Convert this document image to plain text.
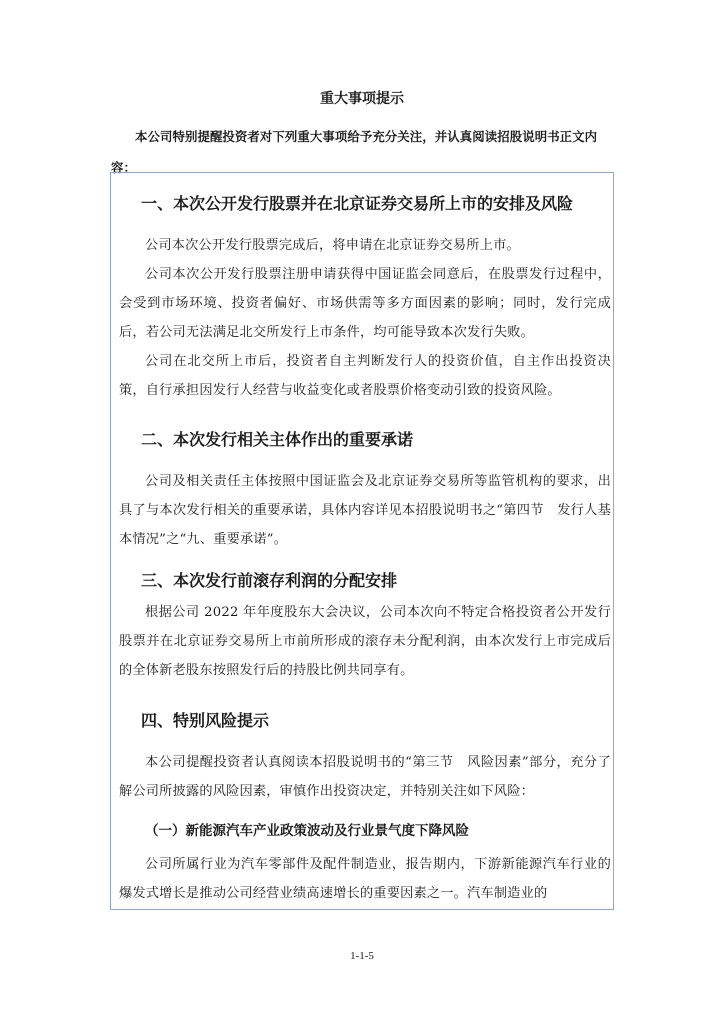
重大事项提示
本公司特别提醒投资者对下列重大事项给予充分关注，并认真阅读招股说明书正文内容：
一、本次公开发行股票并在北京证券交易所上市的安排及风险
公司本次公开发行股票完成后，将申请在北京证券交易所上市。
公司本次公开发行股票注册申请获得中国证监会同意后，在股票发行过程中，会受到市场环境、投资者偏好、市场供需等多方面因素的影响；同时，发行完成后，若公司无法满足北交所发行上市条件，均可能导致本次发行失败。
公司在北交所上市后，投资者自主判断发行人的投资价值，自主作出投资决策，自行承担因发行人经营与收益变化或者股票价格变动引致的投资风险。
二、本次发行相关主体作出的重要承诺
公司及相关责任主体按照中国证监会及北京证券交易所等监管机构的要求，出具了与本次发行相关的重要承诺，具体内容详见本招股说明书之“第四节　发行人基本情况”之“九、重要承诺”。
三、本次发行前滚存利润的分配安排
根据公司 2022 年年度股东大会决议，公司本次向不特定合格投资者公开发行股票并在北京证券交易所上市前所形成的滚存未分配利润，由本次发行上市完成后的全体新老股东按照发行后的持股比例共同享有。
四、特别风险提示
本公司提醒投资者认真阅读本招股说明书的“第三节　风险因素”部分，充分了解公司所披露的风险因素，审慎作出投资决定，并特别关注如下风险：
（一）新能源汽车产业政策波动及行业景气度下降风险
公司所属行业为汽车零部件及配件制造业，报告期内，下游新能源汽车行业的爆发式增长是推动公司经营业绩高速增长的重要因素之一。汽车制造业的
1-1-5
